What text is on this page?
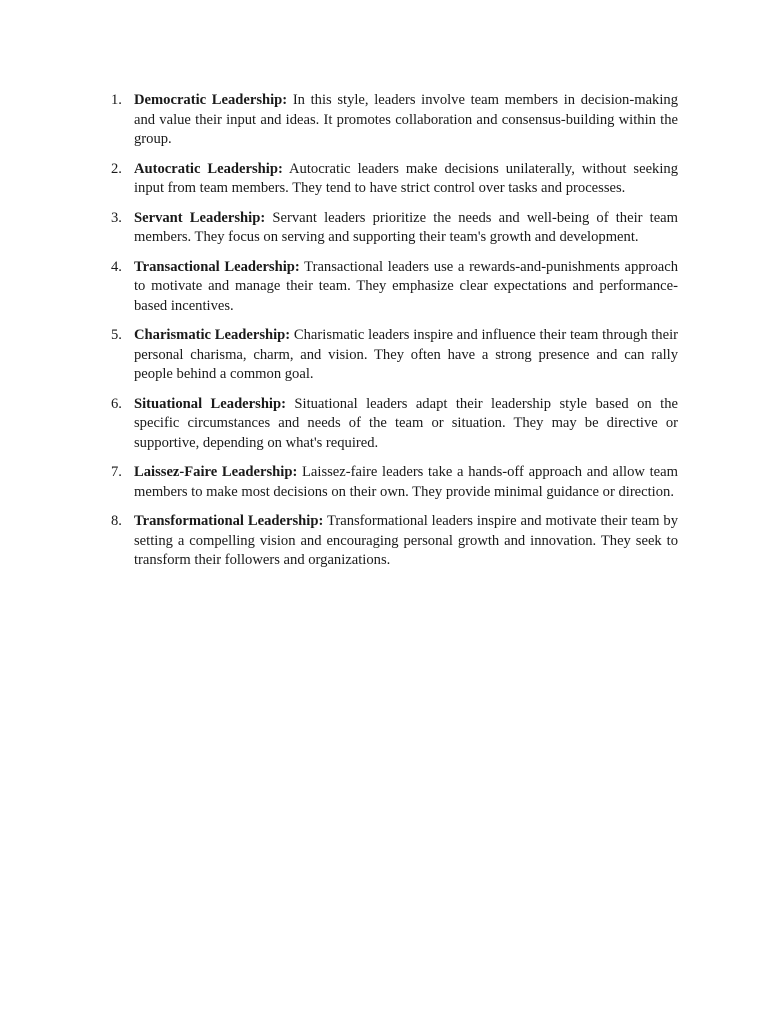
1. Democratic Leadership: In this style, leaders involve team members in decision-making and value their input and ideas. It promotes collaboration and consensus-building within the group.
2. Autocratic Leadership: Autocratic leaders make decisions unilaterally, without seeking input from team members. They tend to have strict control over tasks and processes.
3. Servant Leadership: Servant leaders prioritize the needs and well-being of their team members. They focus on serving and supporting their team's growth and development.
4. Transactional Leadership: Transactional leaders use a rewards-and-punishments approach to motivate and manage their team. They emphasize clear expectations and performance-based incentives.
5. Charismatic Leadership: Charismatic leaders inspire and influence their team through their personal charisma, charm, and vision. They often have a strong presence and can rally people behind a common goal.
6. Situational Leadership: Situational leaders adapt their leadership style based on the specific circumstances and needs of the team or situation. They may be directive or supportive, depending on what's required.
7. Laissez-Faire Leadership: Laissez-faire leaders take a hands-off approach and allow team members to make most decisions on their own. They provide minimal guidance or direction.
8. Transformational Leadership: Transformational leaders inspire and motivate their team by setting a compelling vision and encouraging personal growth and innovation. They seek to transform their followers and organizations.
